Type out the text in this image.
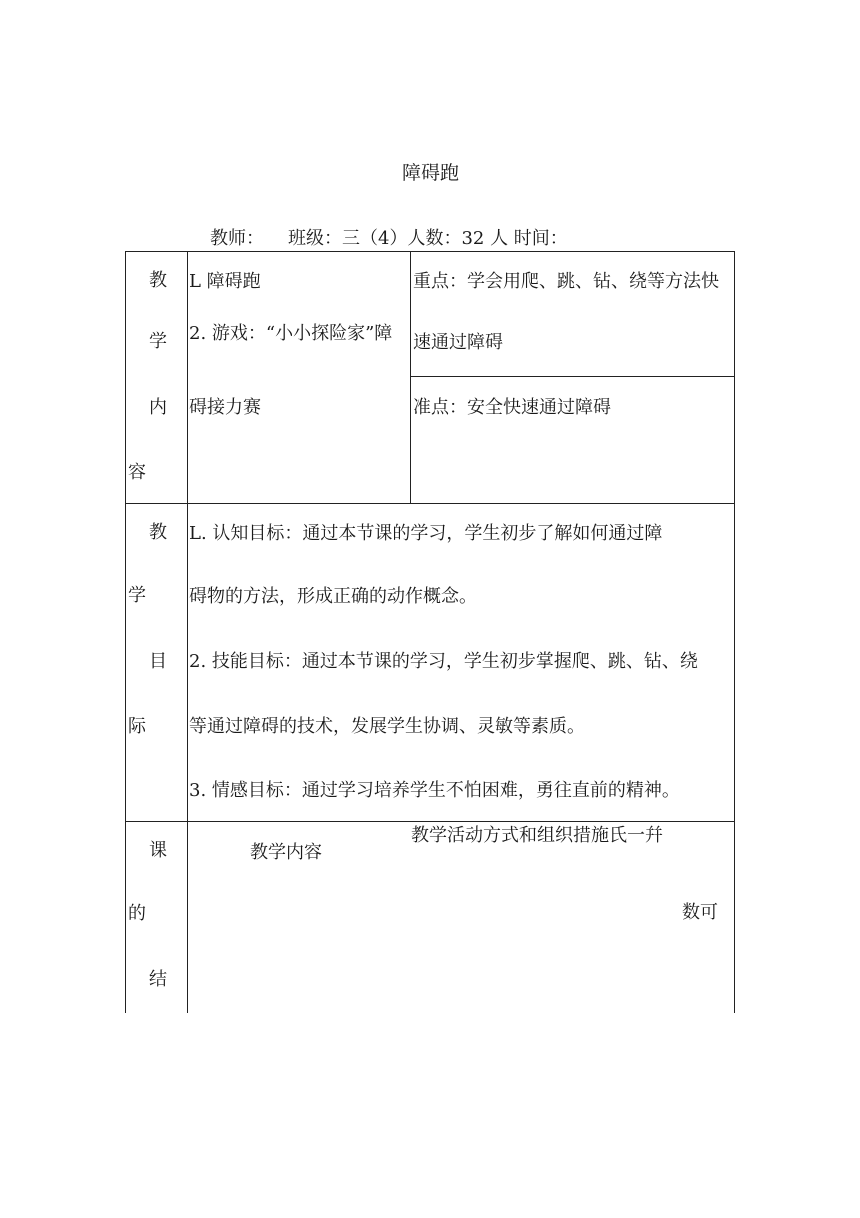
障碍跑
教师： 班级：三（4）人数：32 人 时间：
教
学
内
容
L 障碍跑
2. 游戏：“小小探险家”障
碍接力赛
重点：学会用爬、跳、钻、绕等方法快
速通过障碍
准点：安全快速通过障碍
教
学
目
际
L. 认知目标：通过本节课的学习，学生初步了解如何通过障
碍物的方法，形成正确的动作概念。
2. 技能目标：通过本节课的学习，学生初步掌握爬、跳、钻、绕
等通过障碍的技术，发展学生协调、灵敏等素质。
3. 情感目标：通过学习培养学生不怕困难，勇往直前的精神。
课
的
结
教学内容
教学活动方式和组织措施氏一幷
数可
